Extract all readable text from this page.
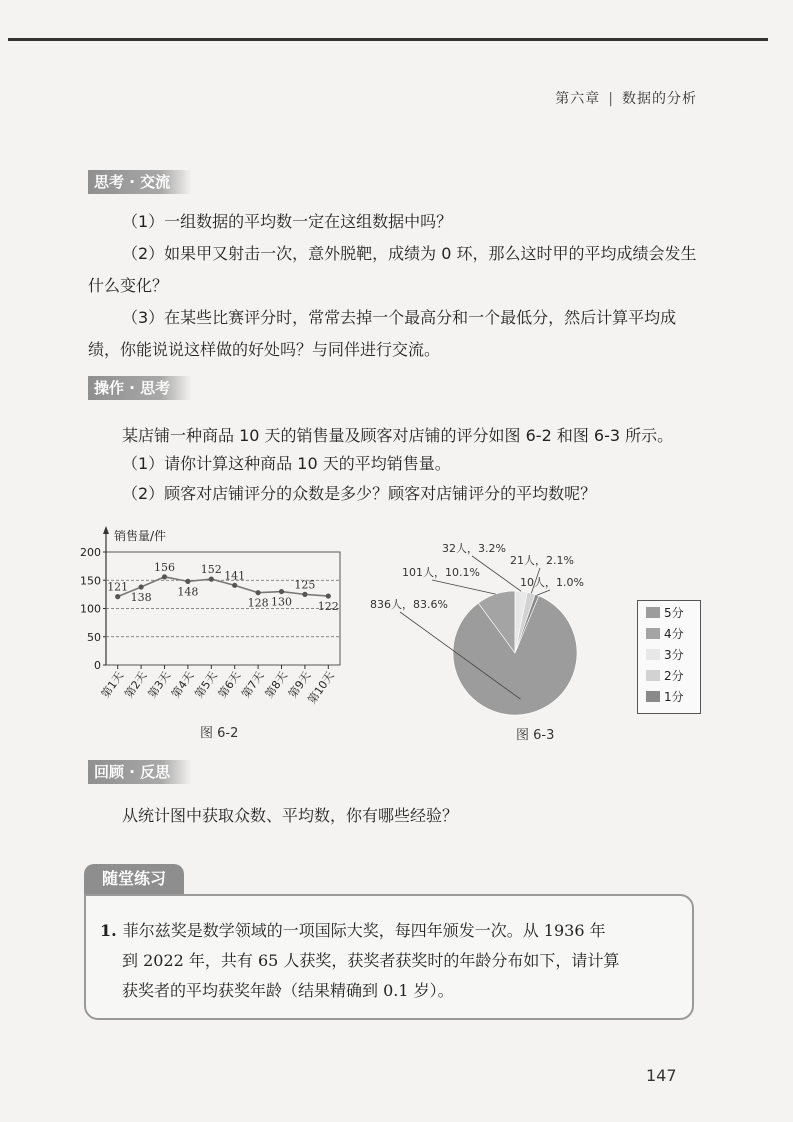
第六章 | 数据的分析
思考 · 交流
（1）一组数据的平均数一定在这组数据中吗？
（2）如果甲又射击一次，意外脱靶，成绩为 0 环，那么这时甲的平均成绩会发生什么变化？
（3）在某些比赛评分时，常常去掉一个最高分和一个最低分，然后计算平均成绩，你能说说这样做的好处吗？与同伴进行交流。
操作 · 思考
某店铺一种商品 10 天的销售量及顾客对店铺的评分如图 6-2 和图 6-3 所示。
（1）请你计算这种商品 10 天的平均销售量。
（2）顾客对店铺评分的众数是多少？顾客对店铺评分的平均数呢？
销售量/件
0
50
100
150
200
第1天
第2天
第3天
第4天
第5天
第6天
第7天
第8天
第9天
第10天
121
138
156
148
152 141
128 130
125
122
图 6-2
32人，3.2%
21人，2.1%
10人，1.0%
101人，10.1%
836人，83.6%
5分
4分
3分
2分
1分
图 6-3
回顾 · 反思
从统计图中获取众数、平均数，你有哪些经验？
随堂练习
1. 菲尔兹奖是数学领域的一项国际大奖，每四年颁发一次。从 1936 年
到 2022 年，共有 65 人获奖，获奖者获奖时的年龄分布如下，请计算
获奖者的平均获奖年龄（结果精确到 0.1 岁）。
147
